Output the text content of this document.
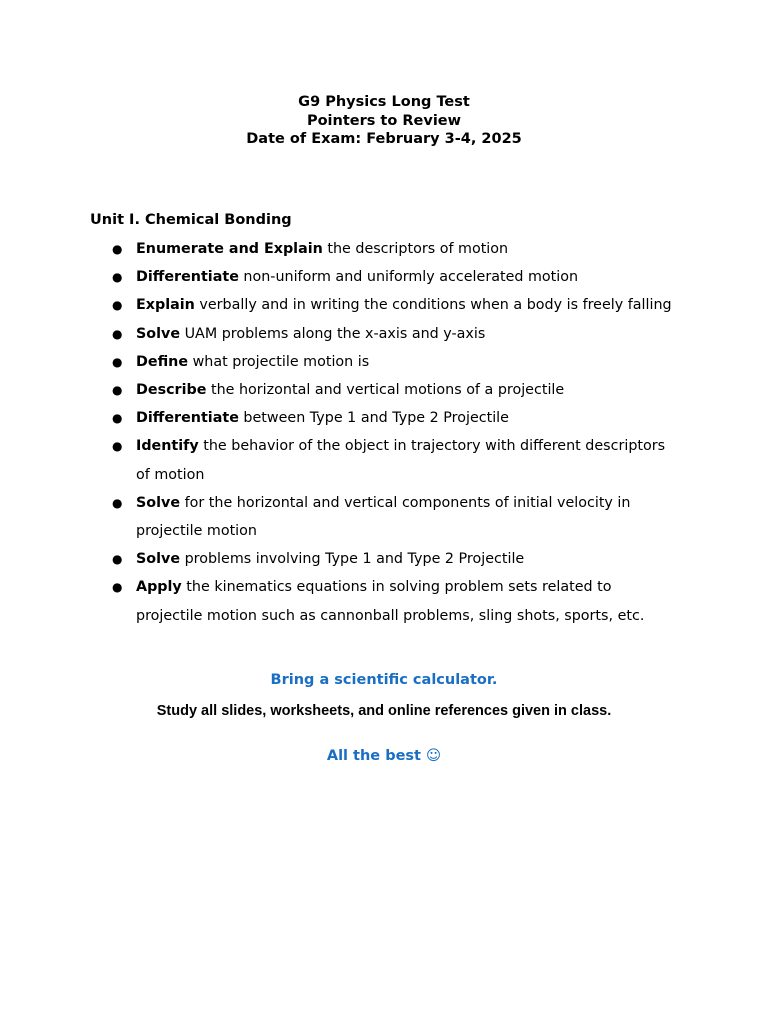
G9 Physics Long Test
Pointers to Review
Date of Exam: February 3-4, 2025
Unit I. Chemical Bonding
● Enumerate and Explain the descriptors of motion
● Differentiate non-uniform and uniformly accelerated motion
● Explain verbally and in writing the conditions when a body is freely falling
● Solve UAM problems along the x-axis and y-axis
● Define what projectile motion is
● Describe the horizontal and vertical motions of a projectile
● Differentiate between Type 1 and Type 2 Projectile
● Identify the behavior of the object in trajectory with different descriptors of motion
● Solve for the horizontal and vertical components of initial velocity in projectile motion
● Solve problems involving Type 1 and Type 2 Projectile
● Apply the kinematics equations in solving problem sets related to projectile motion such as cannonball problems, sling shots, sports, etc.
Bring a scientific calculator.
Study all slides, worksheets, and online references given in class.
All the best ☺
